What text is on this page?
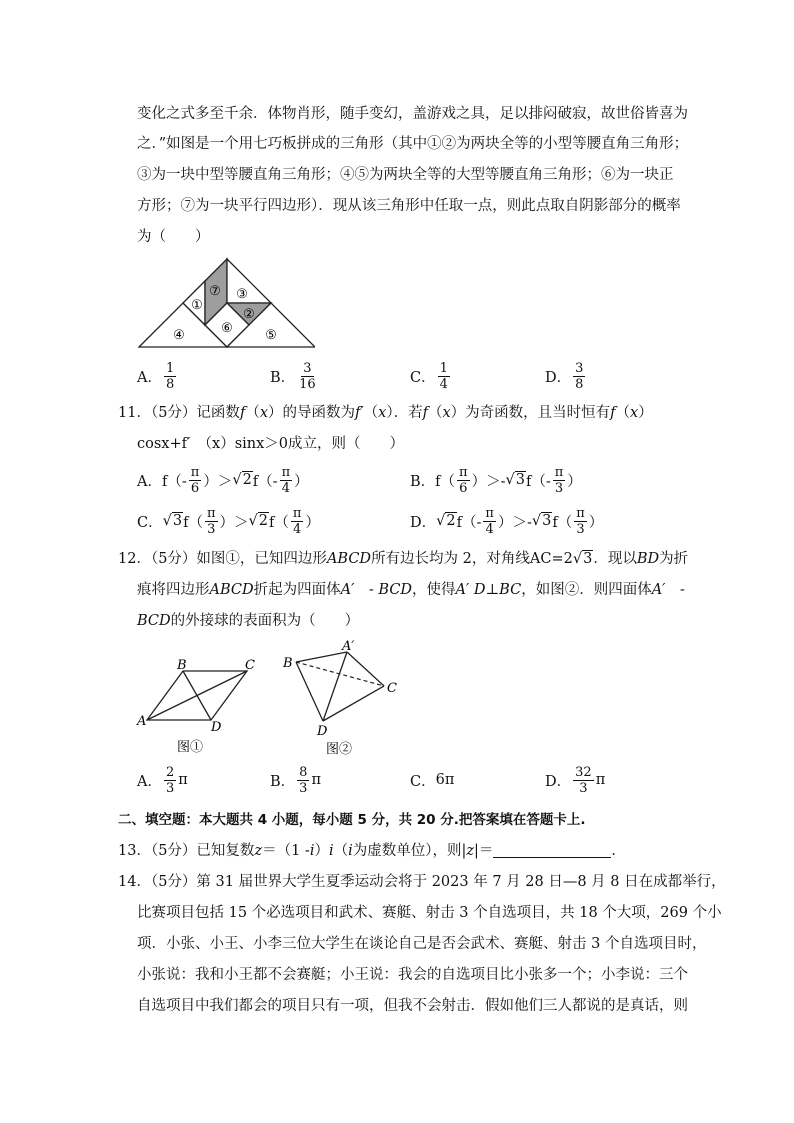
变化之式多至千余．体物肖形，随手变幻，盖游戏之具，足以排闷破寂，故世俗皆喜为
之．”如图是一个用七巧板拼成的三角形（其中①②为两块全等的小型等腰直角三角形；
③为一块中型等腰直角三角形；④⑤为两块全等的大型等腰直角三角形；⑥为一块正
方形；⑦为一块平行四边形）．现从该三角形中任取一点，则此点取自阴影部分的概率
为（　　）
⑦ ③
①
②
④	⑥ ⑤
A． $\frac{1}{8}$	B． $\frac{3}{16}$	C． $\frac{1}{4}$	D． $\frac{3}{8}$
11．（5分）记函数f（x）的导函数为f′（x）．若f（x）为奇函数，且当时恒有f（x）
cosx+f′　（x）sinx＞0成立，则（　　）
A． $f(- \frac{\pi}{6}$ ）＞ √2 $f(- \frac{\pi}{4}$ ）	B． $f( \frac{\pi}{6}$ ）＞- √3 $f(- \frac{\pi}{3}$ ）
C． √3 $f( \frac{\pi}{3}$ ）＞ √2 $f( \frac{\pi}{4}$ ）	D． √2 $f(- \frac{\pi}{4}$ ）＞- √3 $f( \frac{\pi}{3}$ ）
12．（5分）如图①，已知四边形ABCD所有边长均为 2，对角线AC=2√3．现以BD为折
痕将四边形ABCD折起为四面体A′　- BCD，使得A′ D⊥BC，如图②．则四面体A′　-
BCD的外接球的表面积为（　　）
B	C
A	D
图①
B
A′
C
D
图②
A． $\frac{2}{3}$ π	B． $\frac{8}{3}$ π	C． 6π	D． $\frac{32}{3}$ π
二、填空题：本大题共 4 小题，每小题 5 分，共 20 分.把答案填在答题卡上.
13．（5分）已知复数z＝（1 -i）i（i为虚数单位），则|z|＝	．
14．（5分）第 31 届世界大学生夏季运动会将于 2023 年 7 月 28 日—8 月 8 日在成都举行，
比赛项目包括 15 个必选项目和武术、赛艇、射击 3 个自选项目，共 18 个大项，269 个小
项．小张、小王、小李三位大学生在谈论自己是否会武术、赛艇、射击 3 个自选项目时，
小张说：我和小王都不会赛艇；小王说：我会的自选项目比小张多一个；小李说：三个
自选项目中我们都会的项目只有一项，但我不会射击．假如他们三人都说的是真话，则
